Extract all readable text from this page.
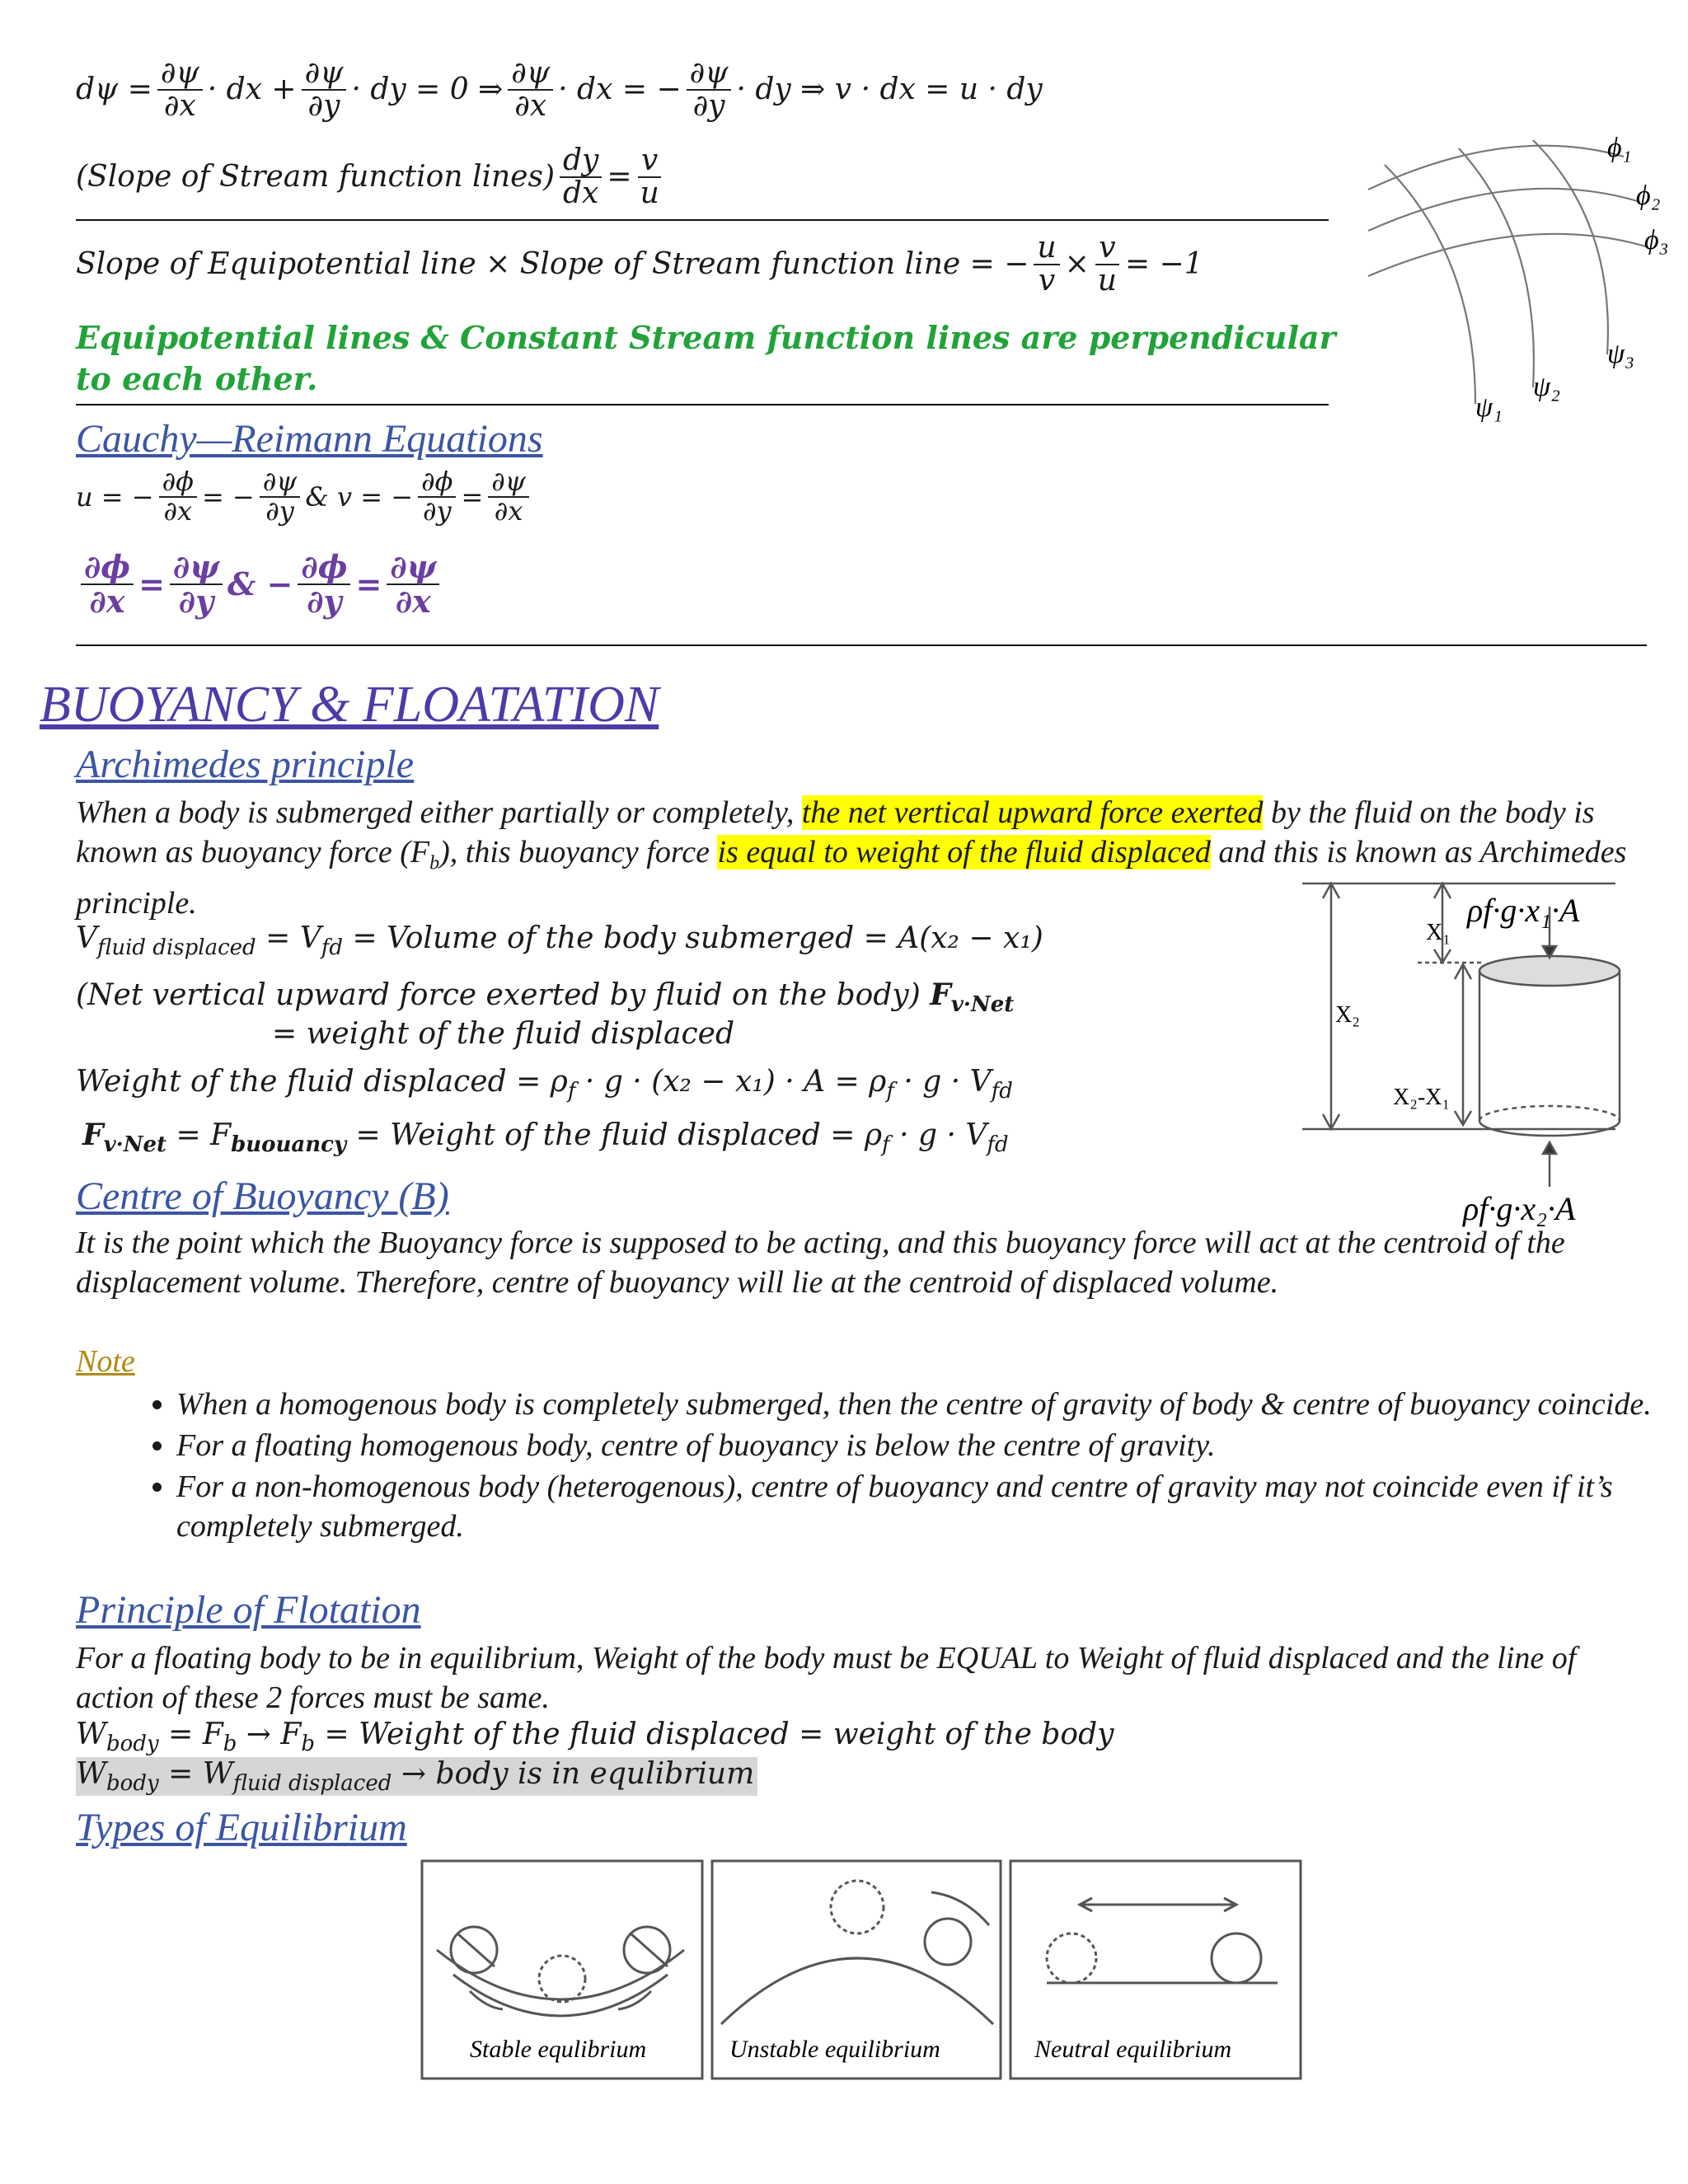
$d\psi = \frac{\partial\psi}{\partial x}$ · dx + $\frac{\partial\psi}{\partial y}$ · dy = 0 ⇒ $\frac{\partial\psi}{\partial x}$ · dx = − $\frac{\partial\psi}{\partial y}$ · dy ⇒ v · dx = u · dy
(Slope of Stream function lines) $\frac{dy}{dx} = \frac{v}{u}$
Slope of Equipotential line × Slope of Stream function line = − $\frac{u}{v} \times \frac{v}{u} = -1$
Equipotential lines & Constant Stream function lines are perpendicular to each other.
ϕ₁
ϕ₂
ϕ₃
ψ₁
ψ₂
ψ₃
Cauchy—Reimann Equations
u = − $\frac{\partial\phi}{\partial x}$ = − $\frac{\partial\psi}{\partial y}$ & v = − $\frac{\partial\phi}{\partial y} = \frac{\partial\psi}{\partial x}$
$\frac{\partial\phi}{\partial x} = \frac{\partial\psi}{\partial y}$ & − $\frac{\partial\phi}{\partial y} = \frac{\partial\psi}{\partial x}$
BUOYANCY & FLOATATION
Archimedes principle
When a body is submerged either partially or completely, the net vertical upward force exerted by the fluid on the body is known as buoyancy force $(F_b)$, this buoyancy force is equal to weight of the fluid displaced and this is known as Archimedes principle.
$V_{fluid displaced} = V_{fd}$ = Volume of the body submerged = A(x₂ − x₁)
(Net vertical upward force exerted by fluid on the body) $F_{v\cdot Net}$
= weight of the fluid displaced
Weight of the fluid displaced = $\rho_f \cdot g \cdot (x_2 - x_1) \cdot A = \rho_f \cdot g \cdot V_{fd}$
$F_{v\cdot Net} = F_{buouancy}$ = Weight of the fluid displaced = $\rho_f \cdot g \cdot V_{fd}$
ρf·g·x₁·A
ρf·g·x₂·A
X₁
X₂
X₂-X₁
Centre of Buoyancy (B)
It is the point which the Buoyancy force is supposed to be acting, and this buoyancy force will act at the centroid of the displacement volume. Therefore, centre of buoyancy will lie at the centroid of displaced volume.
Note
• When a homogenous body is completely submerged, then the centre of gravity of body & centre of buoyancy coincide.
• For a floating homogenous body, centre of buoyancy is below the centre of gravity.
• For a non-homogenous body (heterogenous), centre of buoyancy and centre of gravity may not coincide even if it’s completely submerged.
Principle of Flotation
For a floating body to be in equilibrium, Weight of the body must be EQUAL to Weight of fluid displaced and the line of action of these 2 forces must be same.
$W_{body} = F_b \to F_b$ = Weight of the fluid displaced = weight of the body
$W_{body} = W_{fluid displaced}$ → body is in equlibrium
Types of Equilibrium
Stable equlibrium	Unstable equilibrium	Neutral equilibrium
